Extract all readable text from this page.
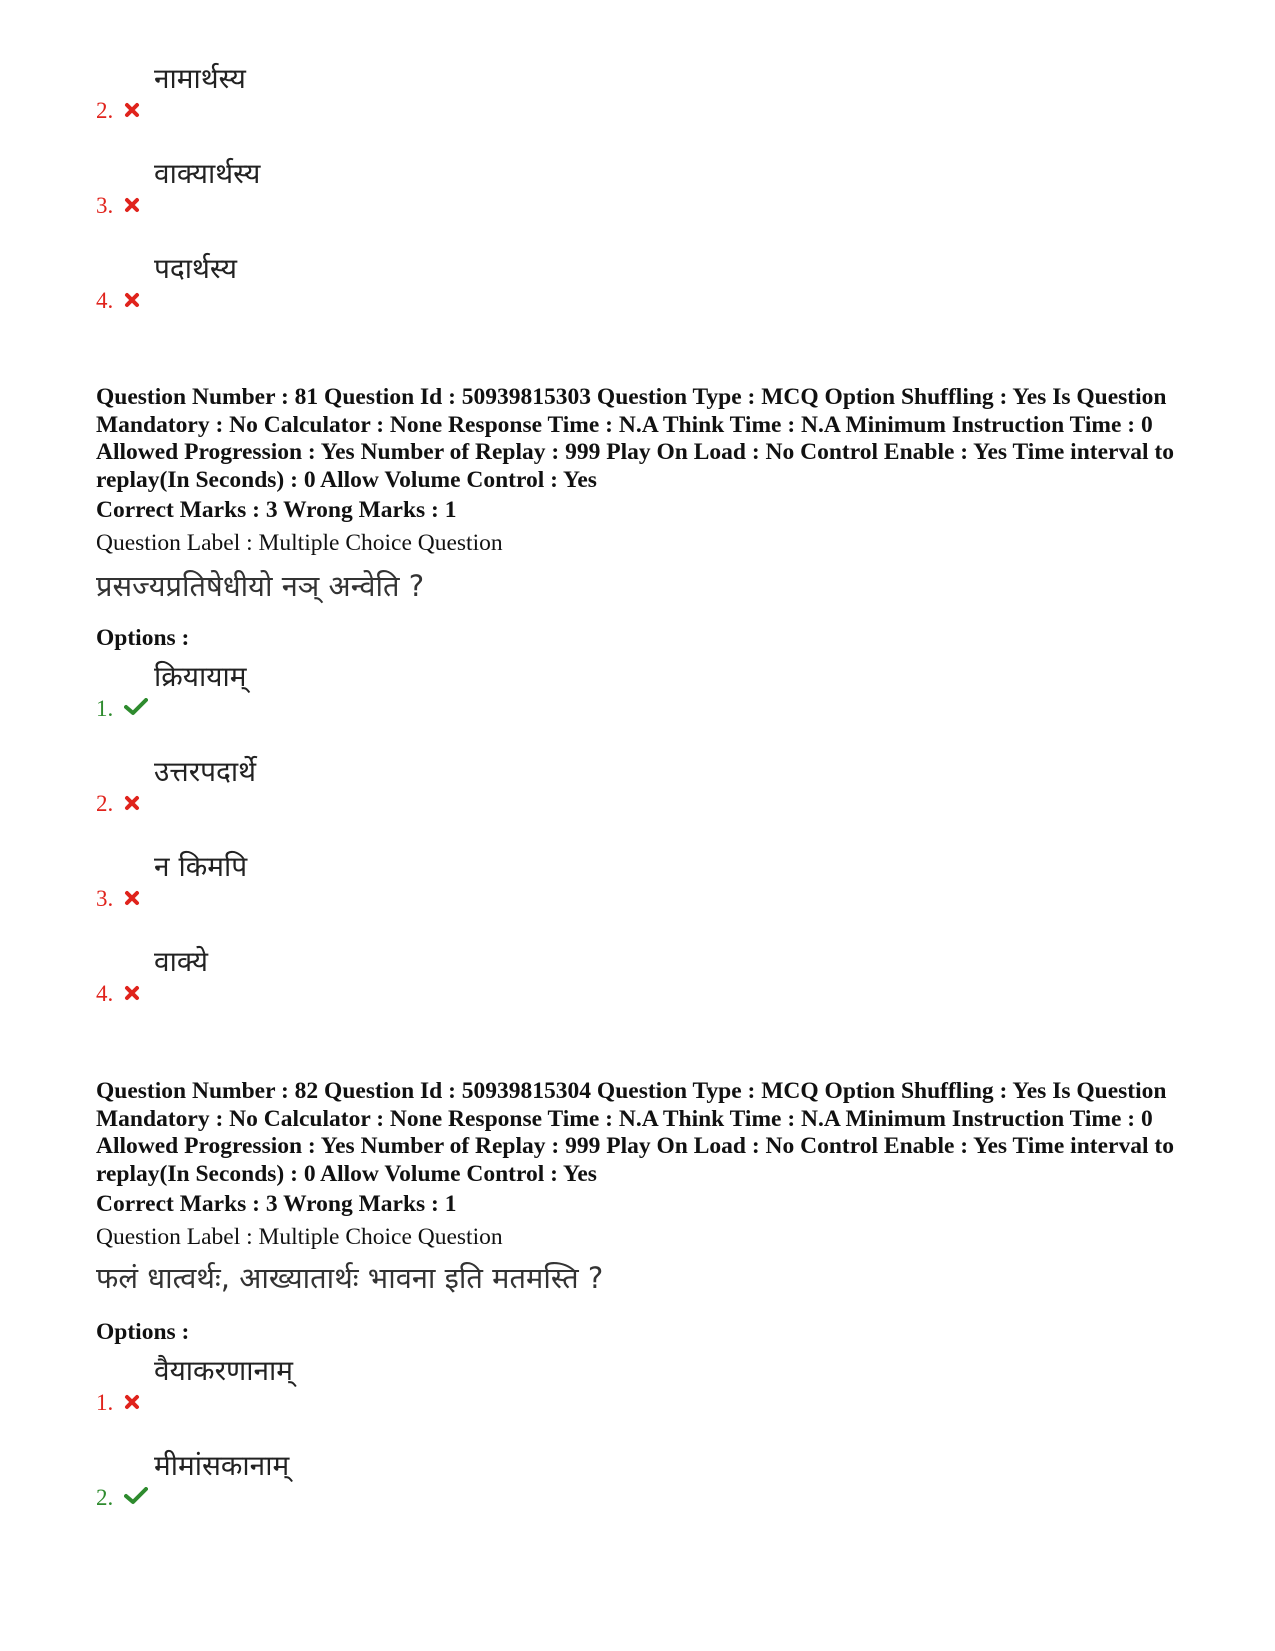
2.
नामार्थस्य
3.
वाक्यार्थस्य
4.
पदार्थस्य

Question Number : 81 Question Id : 50939815303 Question Type : MCQ Option Shuffling : Yes Is Question Mandatory : No Calculator : None Response Time : N.A Think Time : N.A Minimum Instruction Time : 0 Allowed Progression : Yes Number of Replay : 999 Play On Load : No Control Enable : Yes Time interval to replay(In Seconds) : 0 Allow Volume Control : Yes

Correct Marks : 3 Wrong Marks : 1
Question Label : Multiple Choice Question
प्रसज्यप्रतिषेधीयो नञ् अन्वेति ?
Options :
1.
क्रियायाम्
2.
उत्तरपदार्थे
3.
न किमपि
4.
वाक्ये

Question Number : 82 Question Id : 50939815304 Question Type : MCQ Option Shuffling : Yes Is Question Mandatory : No Calculator : None Response Time : N.A Think Time : N.A Minimum Instruction Time : 0 Allowed Progression : Yes Number of Replay : 999 Play On Load : No Control Enable : Yes Time interval to replay(In Seconds) : 0 Allow Volume Control : Yes

Correct Marks : 3 Wrong Marks : 1
Question Label : Multiple Choice Question
फलं धात्वर्थः, आख्यातार्थः भावना इति मतमस्ति ?
Options :
1.
वैयाकरणानाम्
2.
मीमांसकानाम्
